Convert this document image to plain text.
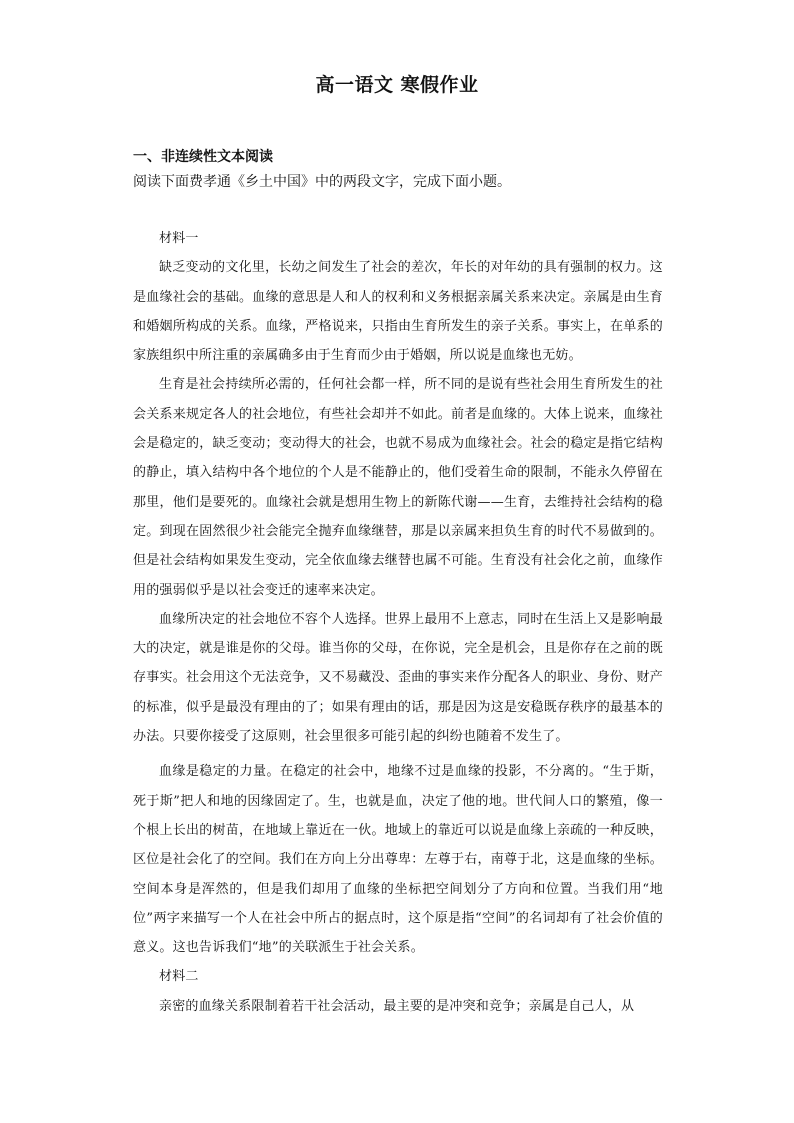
高一语文 寒假作业
一、非连续性文本阅读
阅读下面费孝通《乡土中国》中的两段文字，完成下面小题。

材料一

缺乏变动的文化里，长幼之间发生了社会的差次，年长的对年幼的具有强制的权力。这是血缘社会的基础。血缘的意思是人和人的权利和义务根据亲属关系来决定。亲属是由生育和婚姻所构成的关系。血缘，严格说来，只指由生育所发生的亲子关系。事实上，在单系的家族组织中所注重的亲属确多由于生育而少由于婚姻，所以说是血缘也无妨。

生育是社会持续所必需的，任何社会都一样，所不同的是说有些社会用生育所发生的社会关系来规定各人的社会地位，有些社会却并不如此。前者是血缘的。大体上说来，血缘社会是稳定的，缺乏变动；变动得大的社会，也就不易成为血缘社会。社会的稳定是指它结构的静止，填入结构中各个地位的个人是不能静止的，他们受着生命的限制，不能永久停留在那里，他们是要死的。血缘社会就是想用生物上的新陈代谢——生育，去维持社会结构的稳定。到现在固然很少社会能完全抛弃血缘继替，那是以亲属来担负生育的时代不易做到的。但是社会结构如果发生变动，完全依血缘去继替也属不可能。生育没有社会化之前，血缘作用的强弱似乎是以社会变迁的速率来决定。

血缘所决定的社会地位不容个人选择。世界上最用不上意志，同时在生活上又是影响最大的决定，就是谁是你的父母。谁当你的父母，在你说，完全是机会，且是你存在之前的既存事实。社会用这个无法竞争，又不易藏没、歪曲的事实来作分配各人的职业、身份、财产的标准，似乎是最没有理由的了；如果有理由的话，那是因为这是安稳既存秩序的最基本的办法。只要你接受了这原则，社会里很多可能引起的纠纷也随着不发生了。

血缘是稳定的力量。在稳定的社会中，地缘不过是血缘的投影，不分离的。“生于斯，死于斯”把人和地的因缘固定了。生，也就是血，决定了他的地。世代间人口的繁殖，像一个根上长出的树苗，在地域上靠近在一伙。地域上的靠近可以说是血缘上亲疏的一种反映，区位是社会化了的空间。我们在方向上分出尊卑：左尊于右，南尊于北，这是血缘的坐标。空间本身是浑然的，但是我们却用了血缘的坐标把空间划分了方向和位置。当我们用“地位”两字来描写一个人在社会中所占的据点时，这个原是指“空间”的名词却有了社会价值的意义。这也告诉我们“地”的关联派生于社会关系。

材料二

亲密的血缘关系限制着若干社会活动，最主要的是冲突和竞争；亲属是自己人，从
